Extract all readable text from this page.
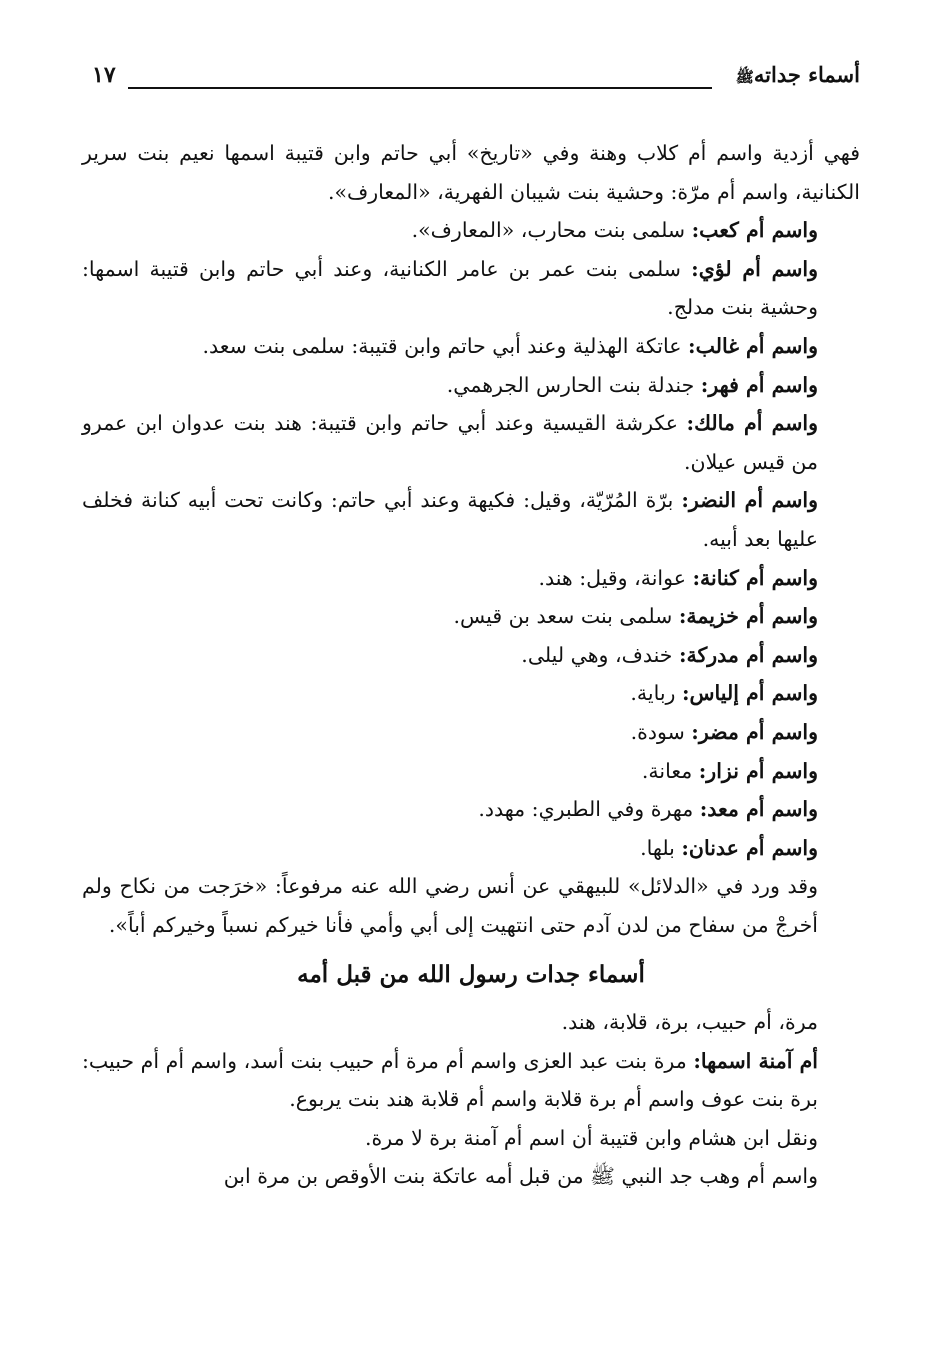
أسماء جداتهﷺ
١٧

فهي أزدية واسم أم كلاب وهنة وفي «تاريخ» أبي حاتم وابن قتيبة اسمها نعيم بنت سرير الكنانية، واسم أم مرّة: وحشية بنت شيبان الفهرية، «المعارف».

واسم أم كعب: سلمى بنت محارب، «المعارف».

واسم أم لؤي: سلمى بنت عمر بن عامر الكنانية، وعند أبي حاتم وابن قتيبة اسمها: وحشية بنت مدلج.

واسم أم غالب: عاتكة الهذلية وعند أبي حاتم وابن قتيبة: سلمى بنت سعد.

واسم أم فهر: جندلة بنت الحارس الجرهمي.

واسم أم مالك: عكرشة القيسية وعند أبي حاتم وابن قتيبة: هند بنت عدوان ابن عمرو من قيس عيلان.

واسم أم النضر: برّة المُرّيّة، وقيل: فكيهة وعند أبي حاتم: وكانت تحت أبيه كنانة فخلف عليها بعد أبيه.

واسم أم كنانة: عوانة، وقيل: هند.

واسم أم خزيمة: سلمى بنت سعد بن قيس.

واسم أم مدركة: خندف، وهي ليلى.

واسم أم إلياس: رباية.

واسم أم مضر: سودة.

واسم أم نزار: معانة.

واسم أم معد: مهرة وفي الطبري: مهدد.

واسم أم عدنان: بلها.

وقد ورد في «الدلائل» للبيهقي عن أنس رضي الله عنه مرفوعاً: «خرَجت من نكاح ولم أخرجْ من سفاح من لدن آدم حتى انتهيت إلى أبي وأمي فأنا خيركم نسباً وخيركم أباً».

أسماء جدات رسول الله من قبل أمه

مرة، أم حبيب، برة، قلابة، هند.

أم آمنة اسمها: مرة بنت عبد العزى واسم أم مرة أم حبيب بنت أسد، واسم أم أم حبيب: برة بنت عوف واسم أم برة قلابة واسم أم قلابة هند بنت يربوع.

ونقل ابن هشام وابن قتيبة أن اسم أم آمنة برة لا مرة.

واسم أم وهب جد النبي ﷺ من قبل أمه عاتكة بنت الأوقص بن مرة ابن
